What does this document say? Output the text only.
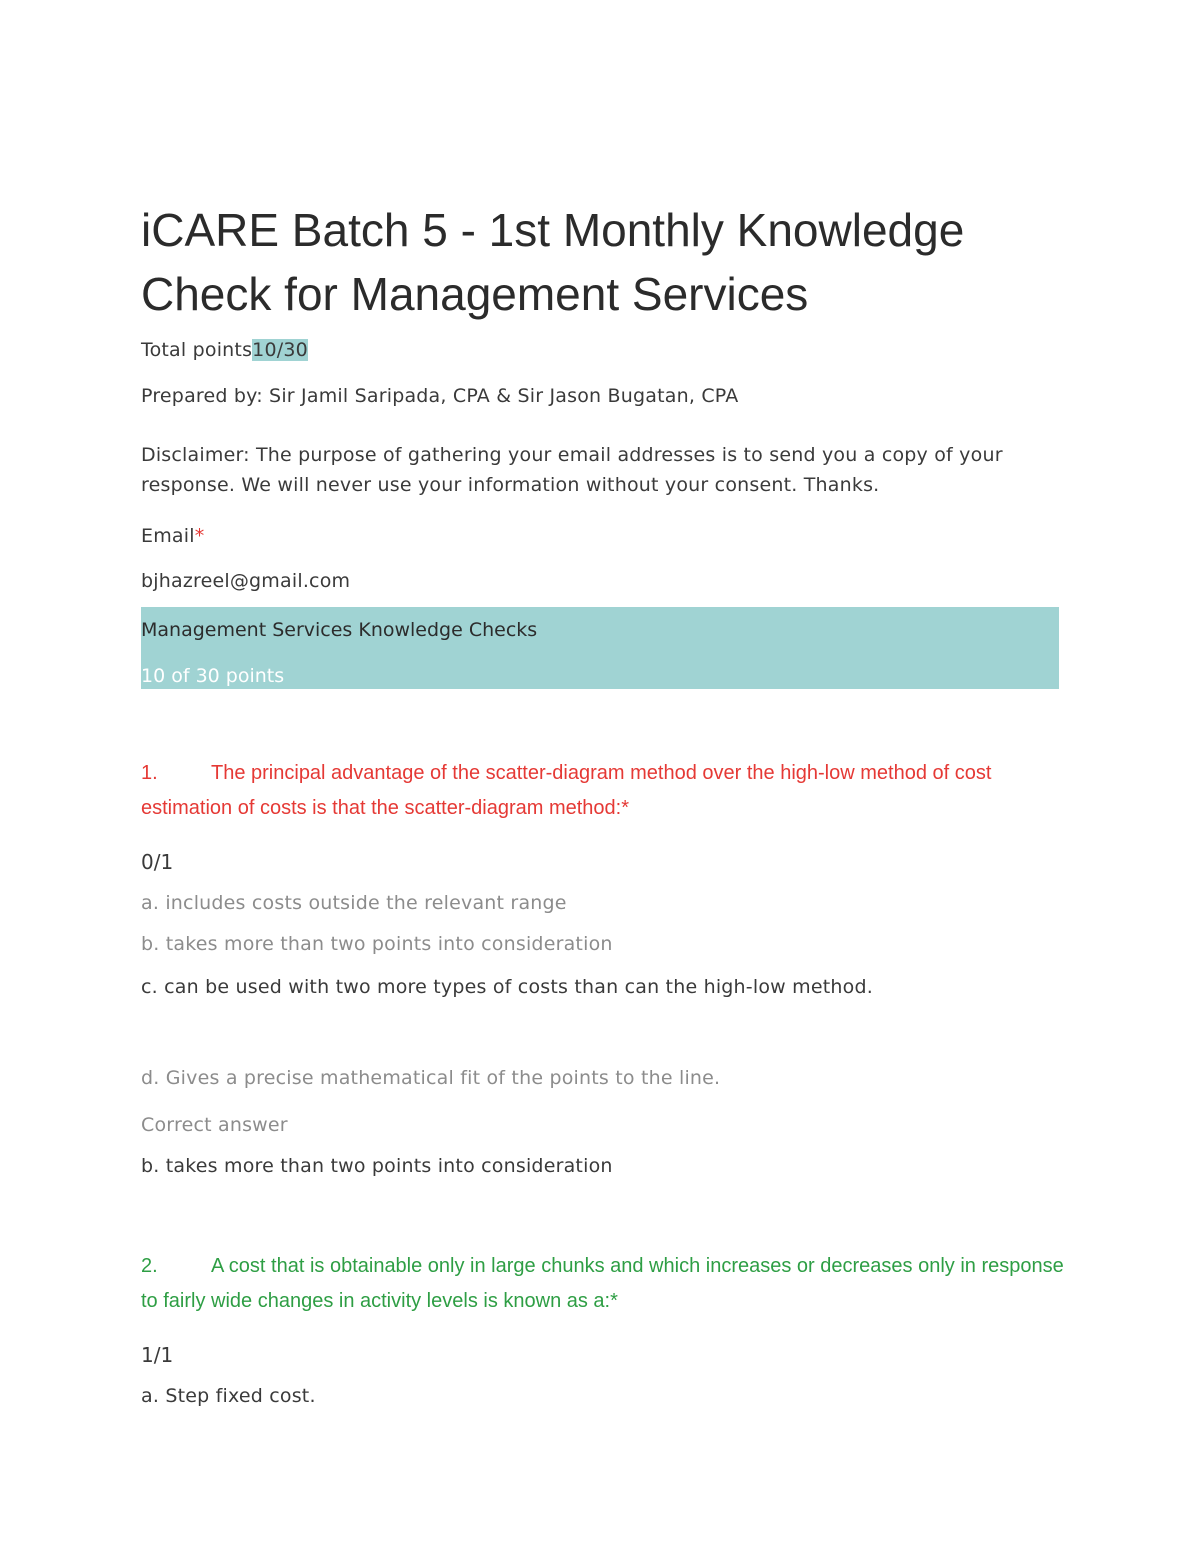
iCARE Batch 5 - 1st Monthly Knowledge Check for Management Services
Total points10/30
Prepared by: Sir Jamil Saripada, CPA & Sir Jason Bugatan, CPA
Disclaimer: The purpose of gathering your email addresses is to send you a copy of your response. We will never use your information without your consent. Thanks.
Email*
bjhazreel@gmail.com
Management Services Knowledge Checks
10 of 30 points
1.	The principal advantage of the scatter-diagram method over the high-low method of cost estimation of costs is that the scatter-diagram method:*
0/1
a. includes costs outside the relevant range
b. takes more than two points into consideration
c. can be used with two more types of costs than can the high-low method.
d. Gives a precise mathematical fit of the points to the line.
Correct answer
b. takes more than two points into consideration
2.	A cost that is obtainable only in large chunks and which increases or decreases only in response to fairly wide changes in activity levels is known as a:*
1/1
a. Step fixed cost.
